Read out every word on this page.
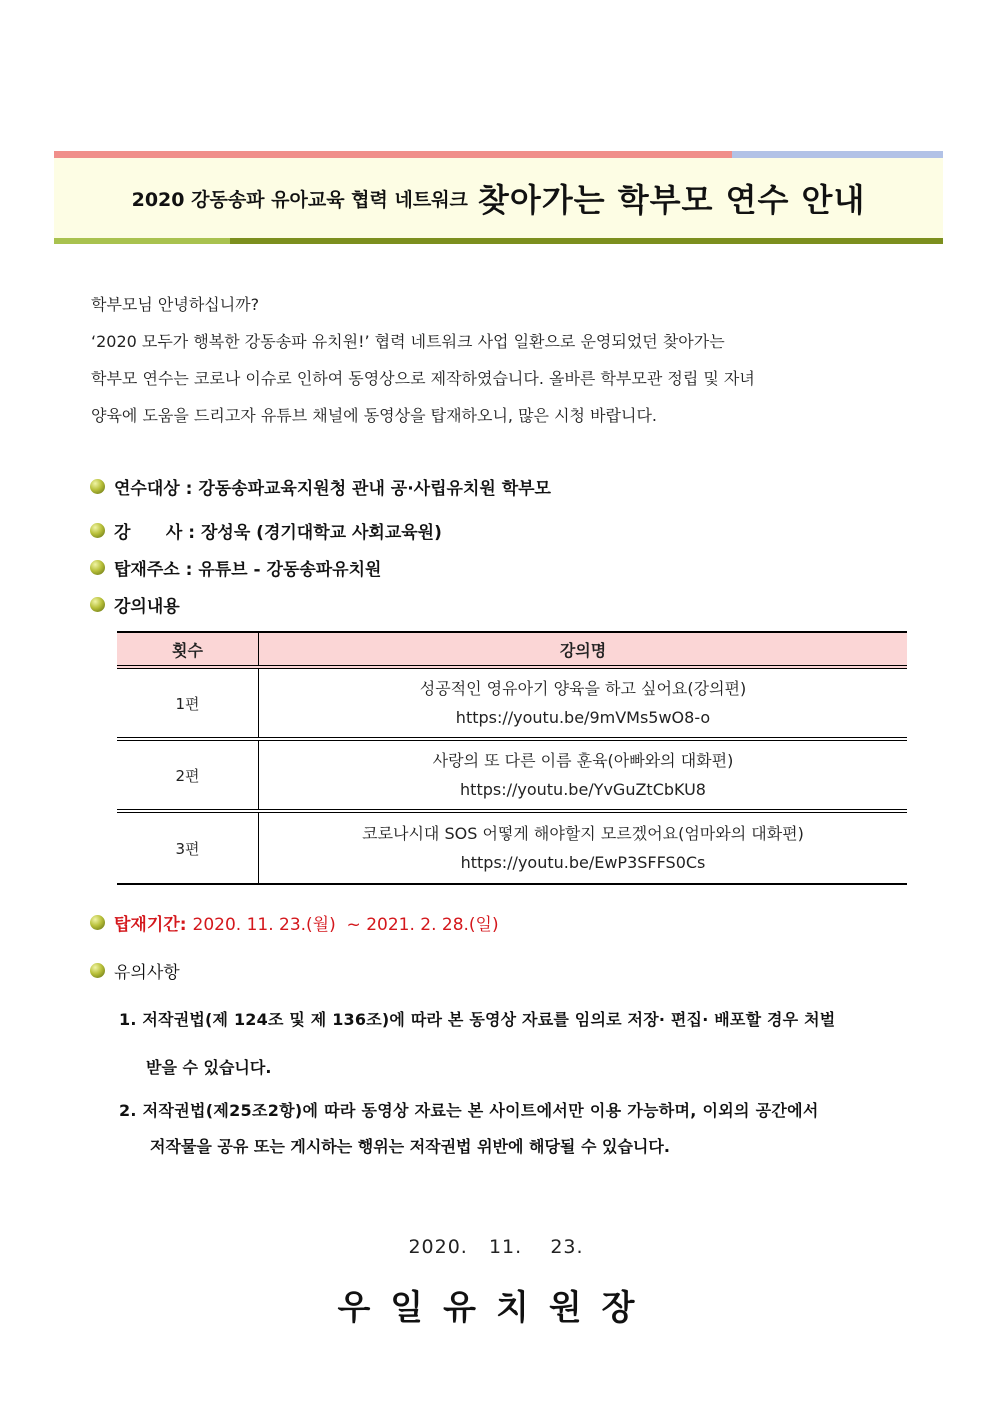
2020 강동송파 유아교육 협력 네트워크 찾아가는 학부모 연수 안내

학부모님 안녕하십니까?

‘2020 모두가 행복한 강동송파 유치원!’ 협력 네트워크 사업 일환으로 운영되었던 찾아가는

학부모 연수는 코로나 이슈로 인하여 동영상으로 제작하였습니다. 올바른 학부모관 정립 및 자녀

양육에 도움을 드리고자 유튜브 채널에 동영상을 탑재하오니, 많은 시청 바랍니다.

연수대상 : 강동송파교육지원청 관내 공·사립유치원 학부모
강      사 : 장성욱 (경기대학교 사회교육원)
탑재주소 : 유튜브 - 강동송파유치원
강의내용
횟수	강의명
1편
성공적인 영유아기 양육을 하고 싶어요(강의편)
https://youtu.be/9mVMs5wO8-o
2편
사랑의 또 다른 이름 훈육(아빠와의 대화편)
https://youtu.be/YvGuZtCbKU8
3편
코로나시대 SOS 어떻게 해야할지 모르겠어요(엄마와의 대화편)
https://youtu.be/EwP3SFFS0Cs
탑재기간: 2020. 11. 23.(월)  ~ 2021. 2. 28.(일)
유의사항
1. 저작권법(제 124조 및 제 136조)에 따라 본 동영상 자료를 임의로 저장· 편집· 배포할 경우 처벌
받을 수 있습니다.
2. 저작권법(제25조2항)에 따라 동영상 자료는 본 사이트에서만 이용 가능하며, 이외의 공간에서
저작물을 공유 또는 게시하는 행위는 저작권법 위반에 해당될 수 있습니다.
2020.   11.    23.
우일유치원장
